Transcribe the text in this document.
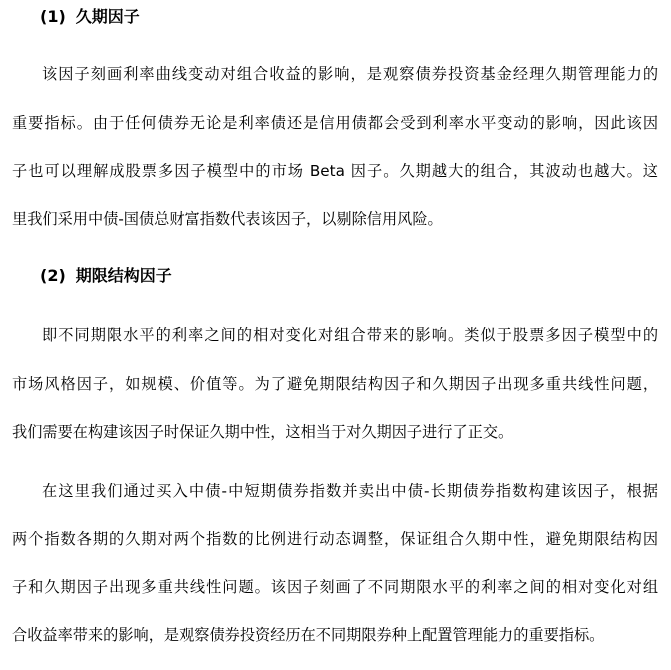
(1) 久期因子

该因子刻画利率曲线变动对组合收益的影响，是观察债券投资基金经理久期管理能力的

重要指标。由于任何债券无论是利率债还是信用债都会受到利率水平变动的影响，因此该因

子也可以理解成股票多因子模型中的市场 Beta 因子。久期越大的组合，其波动也越大。这

里我们采用中债-国债总财富指数代表该因子，以剔除信用风险。

(2) 期限结构因子

即不同期限水平的利率之间的相对变化对组合带来的影响。类似于股票多因子模型中的

市场风格因子，如规模、价值等。为了避免期限结构因子和久期因子出现多重共线性问题，

我们需要在构建该因子时保证久期中性，这相当于对久期因子进行了正交。

在这里我们通过买入中债-中短期债券指数并卖出中债-长期债券指数构建该因子，根据

两个指数各期的久期对两个指数的比例进行动态调整，保证组合久期中性，避免期限结构因

子和久期因子出现多重共线性问题。该因子刻画了不同期限水平的利率之间的相对变化对组

合收益率带来的影响，是观察债券投资经历在不同期限券种上配置管理能力的重要指标。
